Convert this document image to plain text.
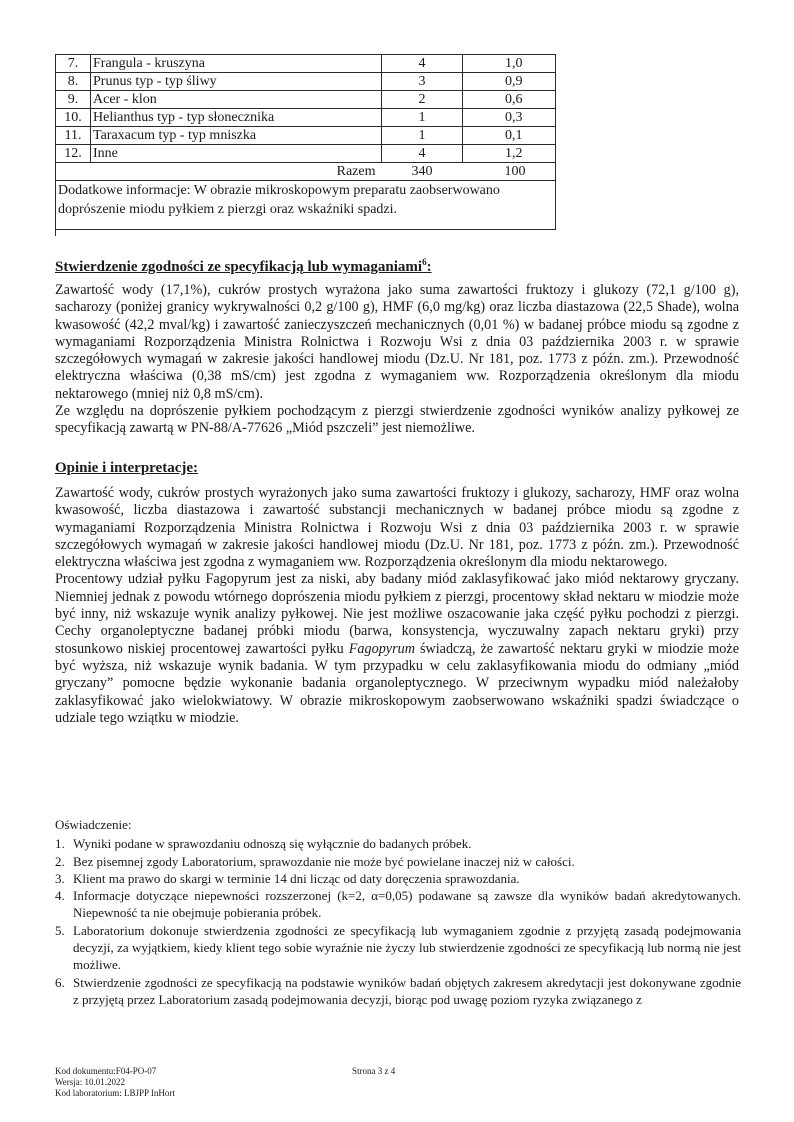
7.	Frangula - kruszyna	4	1,0
8.	Prunus typ - typ śliwy	3	0,9
9.	Acer - klon	2	0,6
10.	Helianthus typ - typ słonecznika	1	0,3
11.	Taraxacum typ - typ mniszka	1	0,1
12.	Inne	4	1,2
	Razem	340	100
Dodatkowe informacje: W obrazie mikroskopowym preparatu zaobserwowano doprószenie miodu pyłkiem z pierzgi oraz wskaźniki spadzi.			
Stwierdzenie zgodności ze specyfikacją lub wymaganiami$^6$:

Zawartość wody (17,1%), cukrów prostych wyrażona jako suma zawartości fruktozy i glukozy (72,1 g/100 g), sacharozy (poniżej granicy wykrywalności 0,2 g/100 g), HMF (6,0 mg/kg) oraz liczba diastazowa (22,5 Shade), wolna kwasowość (42,2 mval/kg) i zawartość zanieczyszczeń mechanicznych (0,01 %) w badanej próbce miodu są zgodne z wymaganiami Rozporządzenia Ministra Rolnictwa i Rozwoju Wsi z dnia 03 października 2003 r. w sprawie szczegółowych wymagań w zakresie jakości handlowej miodu (Dz.U. Nr 181, poz. 1773 z późn. zm.). Przewodność elektryczna właściwa (0,38 mS/cm) jest zgodna z wymaganiem ww. Rozporządzenia określonym dla miodu nektarowego (mniej niż 0,8 mS/cm).

Ze względu na doprószenie pyłkiem pochodzącym z pierzgi stwierdzenie zgodności wyników analizy pyłkowej ze specyfikacją zawartą w PN-88/A-77626 „Miód pszczeli” jest niemożliwe.

Opinie i interpretacje:

Zawartość wody, cukrów prostych wyrażonych jako suma zawartości fruktozy i glukozy, sacharozy, HMF oraz wolna kwasowość, liczba diastazowa i zawartość substancji mechanicznych w badanej próbce miodu są zgodne z wymaganiami Rozporządzenia Ministra Rolnictwa i Rozwoju Wsi z dnia 03 października 2003 r. w sprawie szczegółowych wymagań w zakresie jakości handlowej miodu (Dz.U. Nr 181, poz. 1773 z późn. zm.). Przewodność elektryczna właściwa jest zgodna z wymaganiem ww. Rozporządzenia określonym dla miodu nektarowego.

Procentowy udział pyłku Fagopyrum jest za niski, aby badany miód zaklasyfikować jako miód nektarowy gryczany. Niemniej jednak z powodu wtórnego doprószenia miodu pyłkiem z pierzgi, procentowy skład nektaru w miodzie może być inny, niż wskazuje wynik analizy pyłkowej. Nie jest możliwe oszacowanie jaka część pyłku pochodzi z pierzgi. Cechy organoleptyczne badanej próbki miodu (barwa, konsystencja, wyczuwalny zapach nektaru gryki) przy stosunkowo niskiej procentowej zawartości pyłku Fagopyrum świadczą, że zawartość nektaru gryki w miodzie może być wyższa, niż wskazuje wynik badania. W tym przypadku w celu zaklasyfikowania miodu do odmiany „miód gryczany” pomocne będzie wykonanie badania organoleptycznego. W przeciwnym wypadku miód należałoby zaklasyfikować jako wielokwiatowy. W obrazie mikroskopowym zaobserwowano wskaźniki spadzi świadczące o udziale tego wziątku w miodzie.

Oświadczenie:

1. Wyniki podane w sprawozdaniu odnoszą się wyłącznie do badanych próbek.
2. Bez pisemnej zgody Laboratorium, sprawozdanie nie może być powielane inaczej niż w całości.
3. Klient ma prawo do skargi w terminie 14 dni licząc od daty doręczenia sprawozdania.
4. Informacje dotyczące niepewności rozszerzonej (k=2, α=0,05) podawane są zawsze dla wyników badań akredytowanych. Niepewność ta nie obejmuje pobierania próbek.
5. Laboratorium dokonuje stwierdzenia zgodności ze specyfikacją lub wymaganiem zgodnie z przyjętą zasadą podejmowania decyzji, za wyjątkiem, kiedy klient tego sobie wyraźnie nie życzy lub stwierdzenie zgodności ze specyfikacją lub normą nie jest możliwe.
6. Stwierdzenie zgodności ze specyfikacją na podstawie wyników badań objętych zakresem akredytacji jest dokonywane zgodnie z przyjętą przez Laboratorium zasadą podejmowania decyzji, biorąc pod uwagę poziom ryzyka związanego z
Kod dokumentu:F04-PO-07
Wersja: 10.01.2022
Kod laboratorium: LBJPP InHort
Strona 3 z 4
